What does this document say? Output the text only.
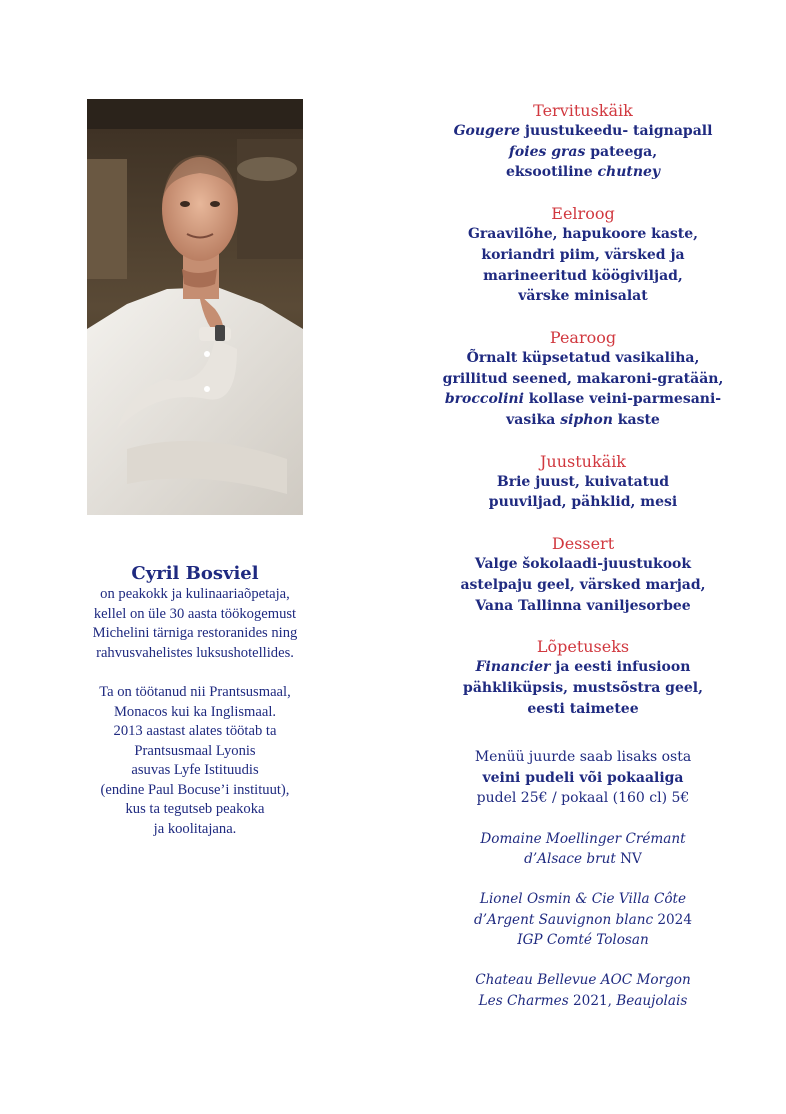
Cyril Bosviel

on peakokk ja kulinaariaõpetaja,
kellel on üle 30 aasta töökogemust
Michelini tärniga restoranides ning
rahvusvahelistes luksushotellides.

Ta on töötanud nii Prantsusmaal,
Monacos kui ka Inglismaal.
2013 aastast alates töötab ta
Prantsusmaal Lyonis
asuvas Lyfe Istituudis
(endine Paul Bocuse’i instituut),
kus ta tegutseb peakoka
ja koolitajana.

Tervituskäik
Gougere juustukeedu- taignapall
foies gras pateega,
eksootiline chutney
Eelroog
Graavilõhe, hapukoore kaste,
koriandri piim, värsked ja
marineeritud köögiviljad,
värske minisalat
Pearoog
Õrnalt küpsetatud vasikaliha,
grillitud seened, makaroni-gratään,
broccolini kollase veini-parmesani-
vasika siphon kaste
Juustukäik
Brie juust, kuivatatud
puuviljad, pähklid, mesi
Dessert
Valge šokolaadi-juustukook
astelpaju geel, värsked marjad,
Vana Tallinna vaniljesorbee
Lõpetuseks
Financier ja eesti infusioon
pähkliküpsis, mustsõstra geel,
eesti taimetee
Menüü juurde saab lisaks osta
veini pudeli või pokaaliga
pudel 25€ / pokaal (160 cl) 5€
Domaine Moellinger Crémant
d’Alsace brut NV
Lionel Osmin & Cie Villa Côte
d’Argent Sauvignon blanc 2024
IGP Comté Tolosan
Chateau Bellevue AOC Morgon
Les Charmes 2021, Beaujolais
